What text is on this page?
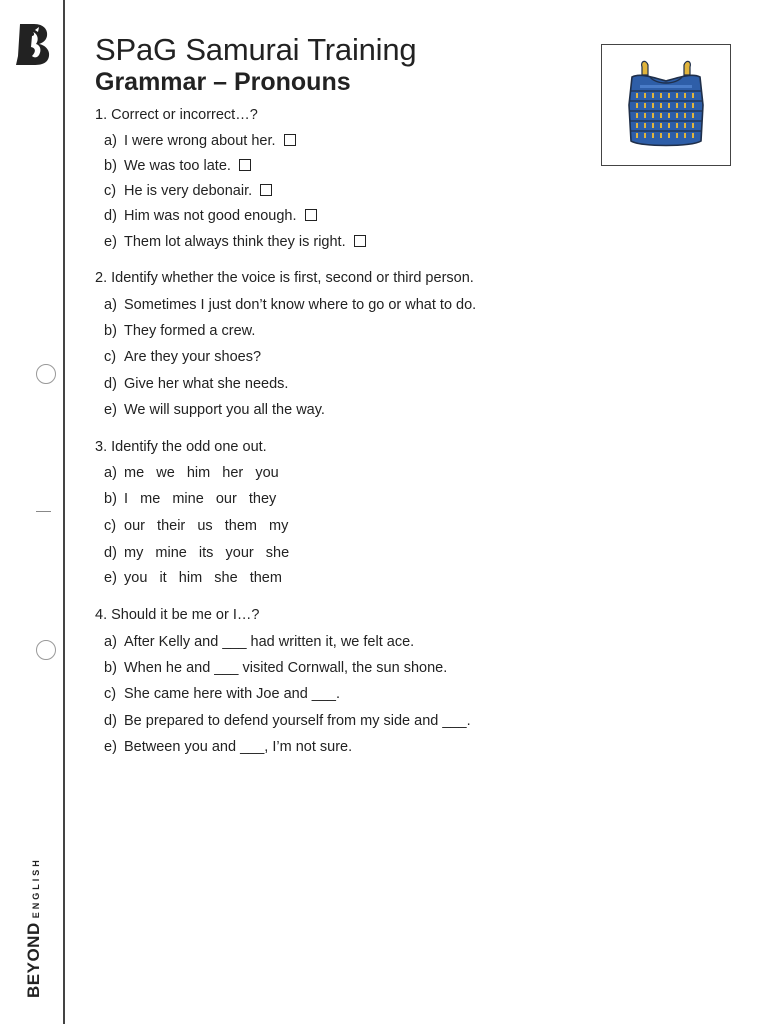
BEYONDENGLISH
SPaG Samurai Training
Grammar – Pronouns

1. Correct or incorrect…?

a) I were wrong about her.
b) We was too late.
c) He is very debonair.
d) Him was not good enough.
e) Them lot always think they is right.

2. Identify whether the voice is first, second or third person.

a) Sometimes I just don’t know where to go or what to do.
b) They formed a crew.
c) Are they your shoes?
d) Give her what she needs.
e) We will support you all the way.

3. Identify the odd one out.

a) me   we   him   her   you
b) I   me   mine   our   they
c) our   their   us   them   my
d) my   mine   its   your   she
e) you   it   him   she   them

4. Should it be me or I…?

a) After Kelly and ___ had written it, we felt ace.
b) When he and ___ visited Cornwall, the sun shone.
c) She came here with Joe and ___.
d) Be prepared to defend yourself from my side and ___.
e) Between you and ___, I’m not sure.
